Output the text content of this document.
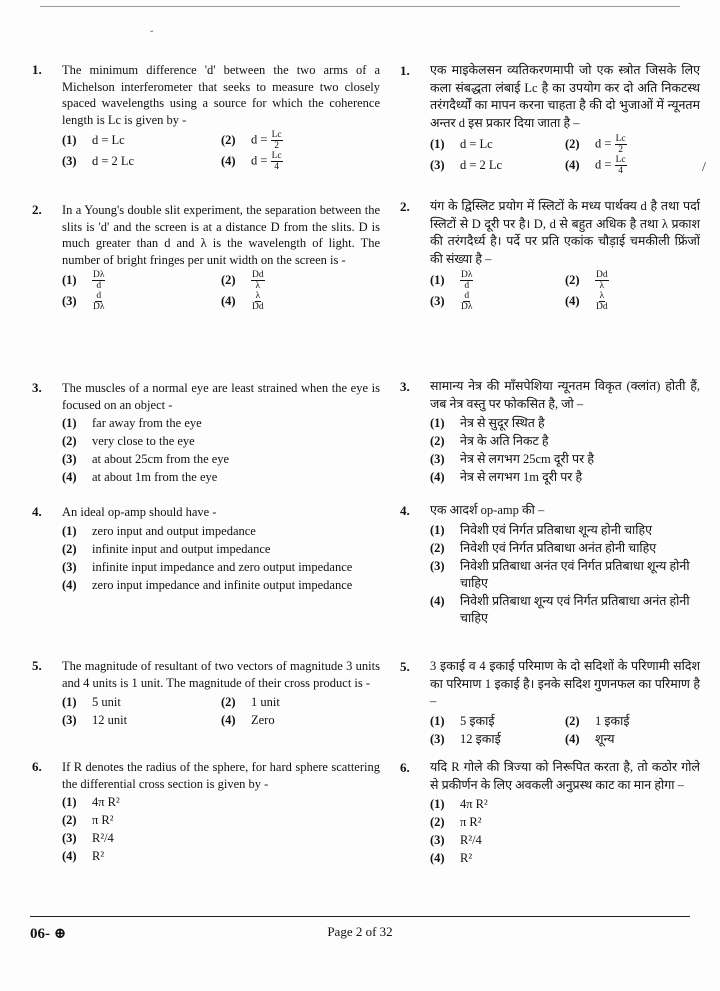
ˇ
/
1. The minimum difference 'd' between the two arms of a Michelson interferometer that seeks to measure two closely spaced wavelengths using a source for which the coherence length is Lc is given by -
(1)	d = Lc	(2)	$d = \frac{Lc}{2}$
(3)	d = 2 Lc	(4)	$d = \frac{Lc}{4}$
2. In a Young's double slit experiment, the separation between the slits is 'd' and the screen is at a distance D from the slits. D is much greater than d and λ is the wavelength of light. The number of bright fringes per unit width on the screen is -
(1)	$\frac{D\lambda}{d}$	(2)	$\frac{Dd}{\lambda}$
(3)	$\frac{d}{D\lambda}$	(4)	$\frac{\lambda}{Dd}$
3. The muscles of a normal eye are least strained when the eye is focused on an object -
(1)	far away from the eye
(2)	very close to the eye
(3)	at about 25cm from the eye
(4)	at about 1m from the eye
4. An ideal op-amp should have -
(1)	zero input and output impedance
(2)	infinite input and output impedance
(3)	infinite input impedance and zero output impedance
(4)	zero input impedance and infinite output impedance
5. The magnitude of resultant of two vectors of magnitude 3 units and 4 units is 1 unit. The magnitude of their cross product is -
(1)	5 unit	(2)	1 unit
(3)	12 unit	(4)	Zero
6. If R denotes the radius of the sphere, for hard sphere scattering the differential cross section is given by -
(1)	4π R²
(2)	π R²
(3)	R²/4
(4)	R²
1. एक माइकेलसन व्यतिकरणमापी जो एक स्त्रोत जिसके लिए कला संबद्धता लंबाई Lc है का उपयोग कर दो अति निकटस्थ तरंगदैर्ध्यों का मापन करना चाहता है की दो भुजाओं में न्यूनतम अन्तर d इस प्रकार दिया जाता है –
(1)	d = Lc	(2)	$d = \frac{Lc}{2}$
(3)	d = 2 Lc	(4)	$d = \frac{Lc}{4}$
2. यंग के द्विस्लिट प्रयोग में स्लिटों के मध्य पार्थक्य d है तथा पर्दा स्लिटों से D दूरी पर है। D, d से बहुत अधिक है तथा λ प्रकाश की तरंगदैर्ध्य है। पर्दे पर प्रति एकांक चौड़ाई चमकीली फ्रिंजों की संख्या है –
(1)	$\frac{D\lambda}{d}$	(2)	$\frac{Dd}{\lambda}$
(3)	$\frac{d}{D\lambda}$	(4)	$\frac{\lambda}{Dd}$
3. सामान्य नेत्र की माँसपेशिया न्यूनतम विकृत (क्लांत) होती हैं, जब नेत्र वस्तु पर फोकसित है, जो –
(1)	नेत्र से सुदूर स्थित है
(2)	नेत्र के अति निकट है
(3)	नेत्र से लगभग 25cm दूरी पर है
(4)	नेत्र से लगभग 1m दूरी पर है
4. एक आदर्श op-amp की –
(1)	निवेशी एवं निर्गत प्रतिबाधा शून्य होनी चाहिए
(2)	निवेशी एवं निर्गत प्रतिबाधा अनंत होनी चाहिए
(3)	निवेशी प्रतिबाधा अनंत एवं निर्गत प्रतिबाधा शून्य होनी चाहिए
(4)	निवेशी प्रतिबाधा शून्य एवं निर्गत प्रतिबाधा अनंत होनी चाहिए
5. 3 इकाई व 4 इकाई परिमाण के दो सदिशों के परिणामी सदिश का परिमाण 1 इकाई है। इनके सदिश गुणनफल का परिमाण है –
(1)	5 इकाई	(2)	1 इकाई
(3)	12 इकाई	(4)	शून्य
6. यदि R गोले की त्रिज्या को निरूपित करता है, तो कठोर गोले से प्रकीर्णन के लिए अवकली अनुप्रस्थ काट का मान होगा –
(1)	4π R²
(2)	π R²
(3)	R²/4
(4)	R²
06- ⊕	Page 2 of 32
